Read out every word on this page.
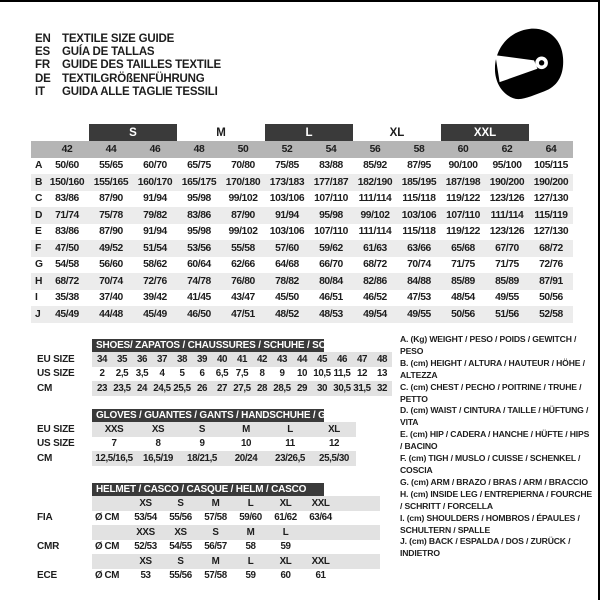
EN TEXTILE SIZE GUIDE
ES	GUÍA DE TALLAS
FR	GUIDE DES TAILLES TEXTILE
DE TEXTILGRÖßENFÜHRUNG
IT	GUIDA ALLE TAGLIE TESSILI
		S		M		L		XL		XXL		
	42	44	46	48	50	52	54	56	58	60	62	64
A	50/60	55/65	60/70	65/75	70/80	75/85	83/88	85/92	87/95	90/100	95/100	105/115
B	150/160	155/165	160/170	165/175	170/180	173/183	177/187	182/190	185/195	187/198	190/200	190/200
C	83/86	87/90	91/94	95/98	99/102	103/106	107/110	111/114	115/118	119/122	123/126	127/130
D	71/74	75/78	79/82	83/86	87/90	91/94	95/98	99/102	103/106	107/110	111/114	115/119
E	83/86	87/90	91/94	95/98	99/102	103/106	107/110	111/114	115/118	119/122	123/126	127/130
F	47/50	49/52	51/54	53/56	55/58	57/60	59/62	61/63	63/66	65/68	67/70	68/72
G	54/58	56/60	58/62	60/64	62/66	64/68	66/70	68/72	70/74	71/75	71/75	72/76
H	68/72	70/74	72/76	74/78	76/80	78/82	80/84	82/86	84/88	85/89	85/89	87/91
I	35/38	37/40	39/42	41/45	43/47	45/50	46/51	46/52	47/53	48/54	49/55	50/56
J	45/49	44/48	45/49	46/50	47/51	48/52	48/53	49/54	49/55	50/56	51/56	52/58

	SHOES/ ZAPATOS / CHAUSSURES / SCHUHE / SCARPE														

EU SIZE	34	35	36	37	38	39	40	41	42	43	44	45	46	47	48
US SIZE	2	2,5	3,5	4	5	6	6,5	7,5	8	9	10	10,5	11,5	12	13
CM	23	23,5	24	24,5	25,5	26	27	27,5	28	28,5	29	30	30,5	31,5	32

	GLOVES / GUANTES / GANTS / HANDSCHUHE / GUANTI					

EU SIZE	XXS	XS	S	M	L	XL
US SIZE	7	8	9	10	11	12
CM	12,5/16,5	16,5/19	18/21,5	20/24	23/26,5	25,5/30

	HELMET / CASCO / CASQUE / HELM / CASCO							

		XS	S	M	L	XL	XXL	
FIA	Ø CM	53/54	55/56	57/58	59/60	61/62	63/64	
		XXS	XS	S	M	L		
CMR	Ø CM	52/53	54/55	56/57	58	59		
		XS	S	M	L	XL	XXL	
ECE	Ø CM	53	55/56	57/58	59	60	61	
A. (Kg) WEIGHT / PESO / POIDS / GEWITCH / PESO
B. (cm) HEIGHT / ALTURA / HAUTEUR / HÖHE / ALTEZZA
C. (cm) CHEST / PECHO / POITRINE / TRUHE / PETTO
D. (cm) WAIST / CINTURA / TAILLE / HÜFTUNG / VITA
E. (cm) HIP / CADERA / HANCHE / HÜFTE / HIPS / BACINO
F. (cm) TIGH / MUSLO / CUISSE / SCHENKEL / COSCIA
G. (cm) ARM / BRAZO / BRAS / ARM / BRACCIO
H. (cm) INSIDE LEG / ENTREPIERNA / FOURCHE / SCHRITT / FORCELLA
I. (cm) SHOULDERS / HOMBROS / ÉPAULES / SCHULTERN / SPALLE
J. (cm) BACK / ESPALDA / DOS / ZURÜCK / INDIETRO
